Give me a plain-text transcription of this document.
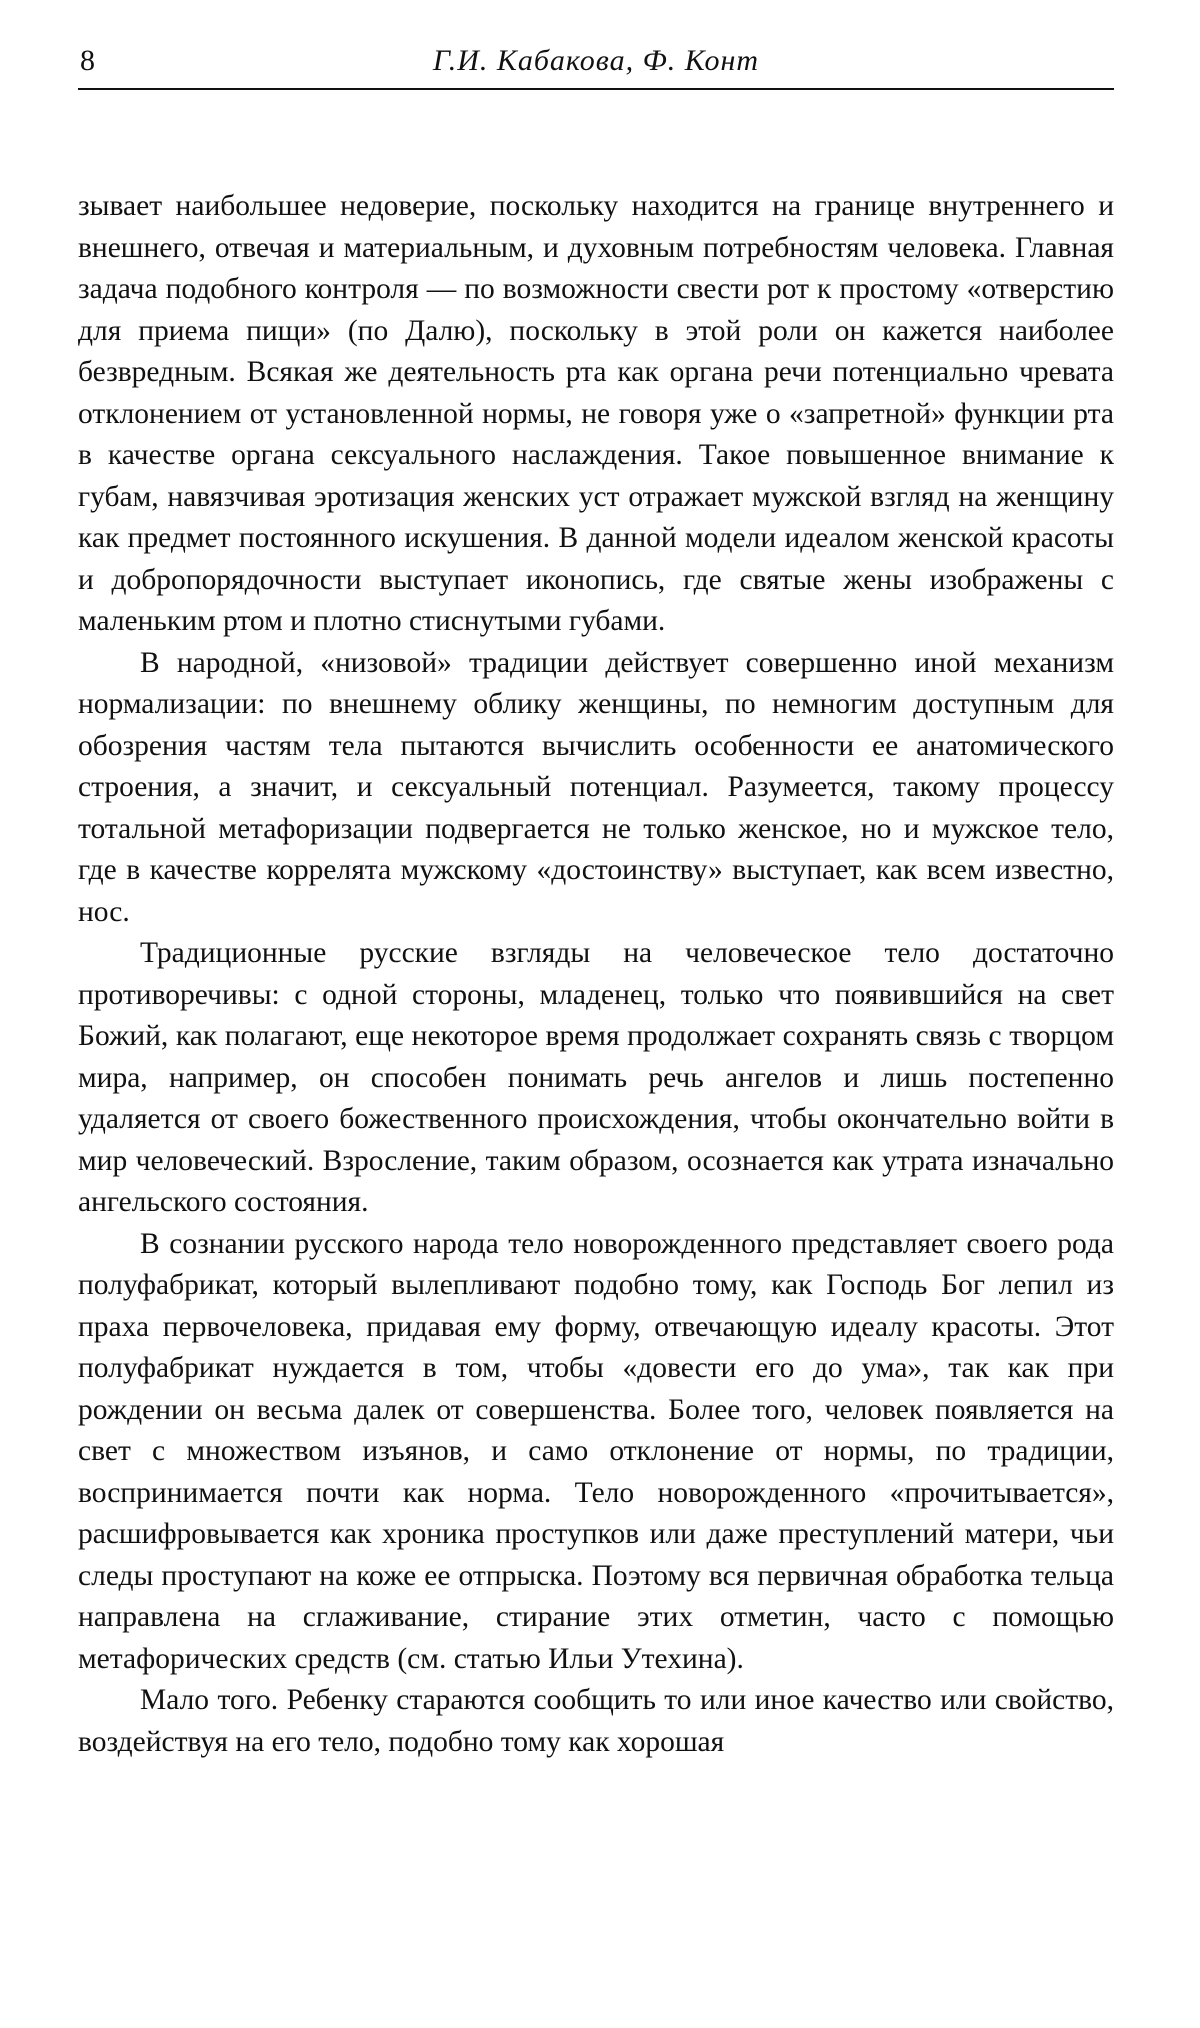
8	Г.И. Кабакова, Ф. Конт

зывает наибольшее недоверие, поскольку находится на границе внутреннего и внешнего, отвечая и материальным, и духовным потребностям человека. Главная задача подобного контроля — по возможности свести рот к простому «отверстию для приема пищи» (по Далю), поскольку в этой роли он кажется наиболее безвредным. Всякая же деятельность рта как органа речи потенциально чревата отклонением от установленной нормы, не говоря уже о «запретной» функции рта в качестве органа сексуального наслаждения. Такое повышенное внимание к губам, навязчивая эротизация женских уст отражает мужской взгляд на женщину как предмет постоянного искушения. В данной модели идеалом женской красоты и добропорядочности выступает иконопись, где святые жены изображены с маленьким ртом и плотно стиснутыми губами.

В народной, «низовой» традиции действует совершенно иной механизм нормализации: по внешнему облику женщины, по немногим доступным для обозрения частям тела пытаются вычислить особенности ее анатомического строения, а значит, и сексуальный потенциал. Разумеется, такому процессу тотальной метафоризации подвергается не только женское, но и мужское тело, где в качестве коррелята мужскому «достоинству» выступает, как всем известно, нос.

Традиционные русские взгляды на человеческое тело достаточно противоречивы: с одной стороны, младенец, только что появившийся на свет Божий, как полагают, еще некоторое время продолжает сохранять связь с творцом мира, например, он способен понимать речь ангелов и лишь постепенно удаляется от своего божественного происхождения, чтобы окончательно войти в мир человеческий. Взросление, таким образом, осознается как утрата изначально ангельского состояния.

В сознании русского народа тело новорожденного представляет своего рода полуфабрикат, который вылепливают подобно тому, как Господь Бог лепил из праха первочеловека, придавая ему форму, отвечающую идеалу красоты. Этот полуфабрикат нуждается в том, чтобы «довести его до ума», так как при рождении он весьма далек от совершенства. Более того, человек появляется на свет с множеством изъянов, и само отклонение от нормы, по традиции, воспринимается почти как норма. Тело новорожденного «прочитывается», расшифровывается как хроника проступков или даже преступлений матери, чьи следы проступают на коже ее отпрыска. Поэтому вся первичная обработка тельца направлена на сглаживание, стирание этих отметин, часто с помощью метафорических средств (см. статью Ильи Утехина).

Мало того. Ребенку стараются сообщить то или иное качество или свойство, воздействуя на его тело, подобно тому как хорошая
